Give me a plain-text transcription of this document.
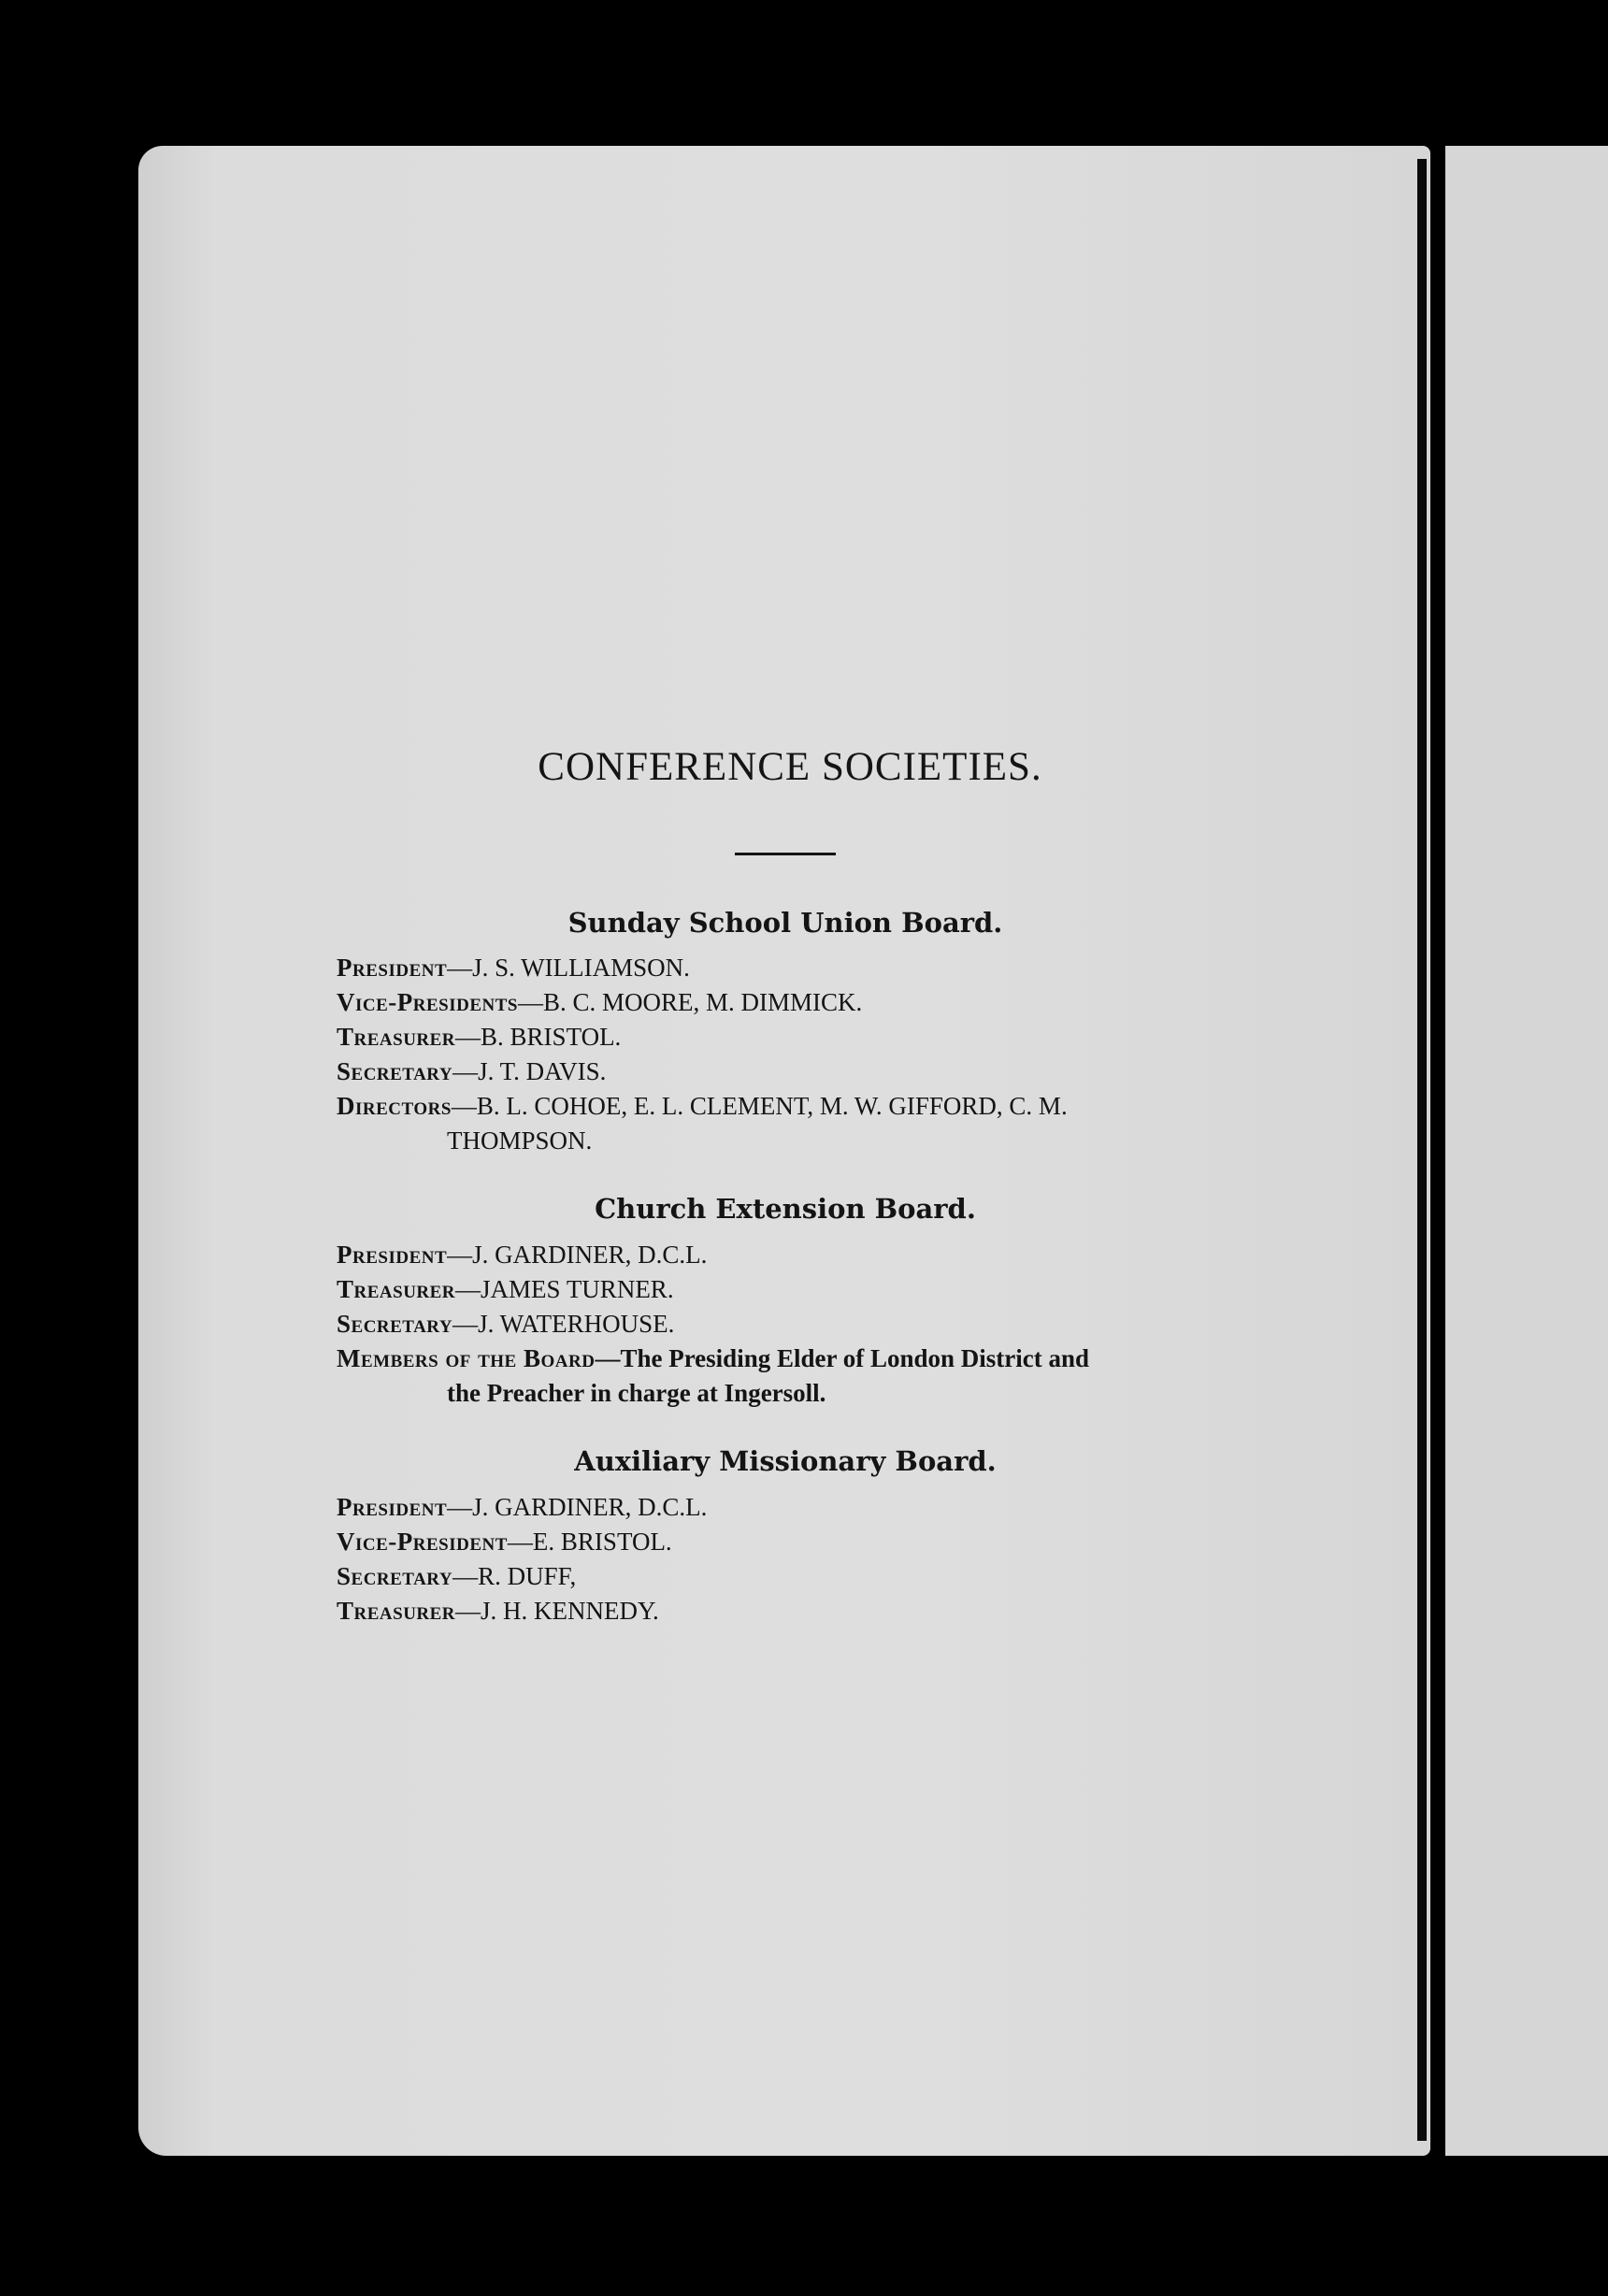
CONFERENCE SOCIETIES.
Sunday School Union Board.

President—J. S. WILLIAMSON.

Vice-Presidents—B. C. MOORE, M. DIMMICK.

Treasurer—B. BRISTOL.

Secretary—J. T. DAVIS.

Directors—B. L. COHOE, E. L. CLEMENT, M. W. GIFFORD, C. M.
THOMPSON.

Church Extension Board.

President—J. GARDINER, D.C.L.

Treasurer—JAMES TURNER.

Secretary—J. WATERHOUSE.

Members of the Board—The Presiding Elder of London District and
the Preacher in charge at Ingersoll.

Auxiliary Missionary Board.

President—J. GARDINER, D.C.L.

Vice-President—E. BRISTOL.

Secretary—R. DUFF,

Treasurer—J. H. KENNEDY.
